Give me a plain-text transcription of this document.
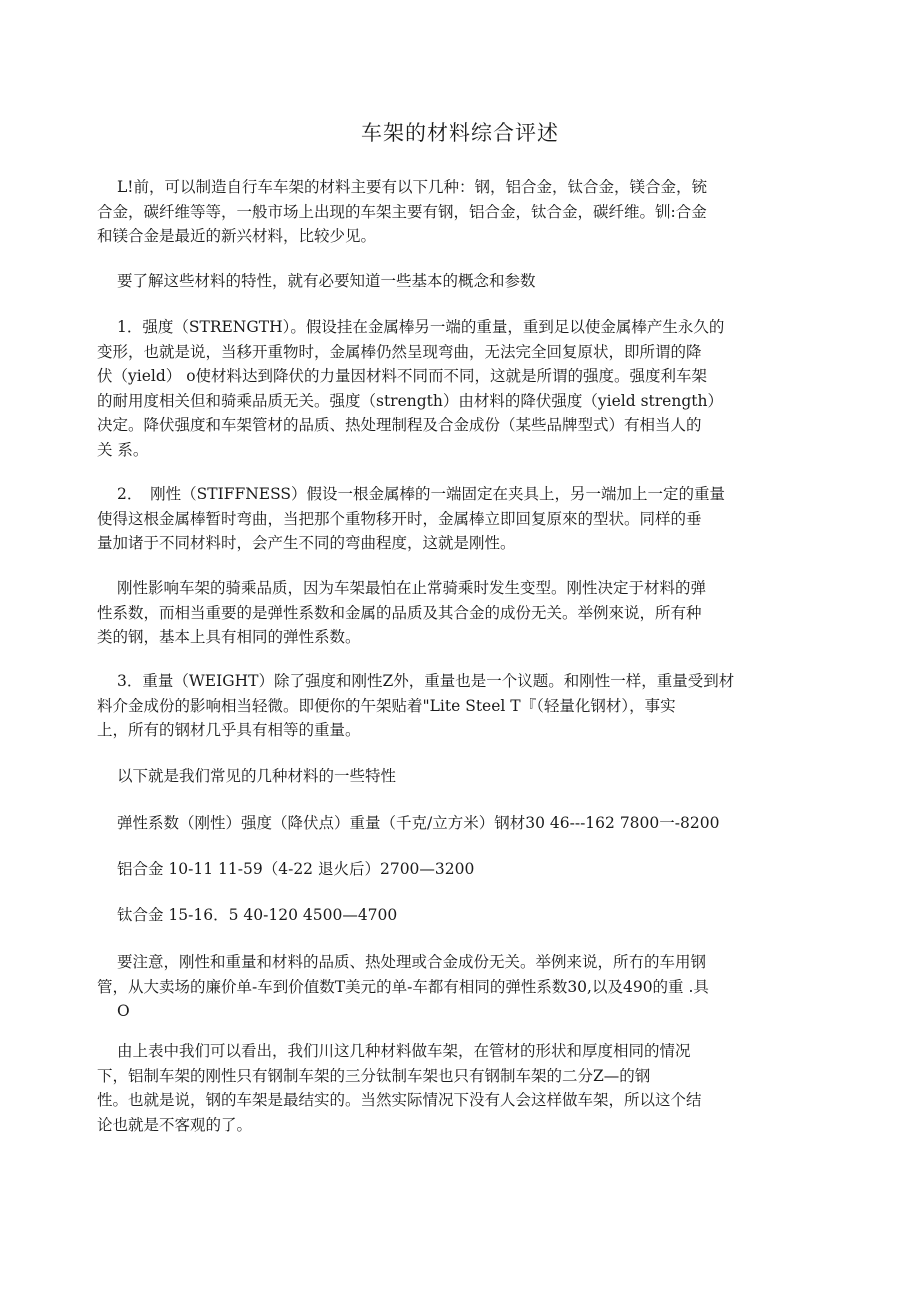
车架的材料综合评述
L!前，可以制造自行车车架的材料主要有以下几种：钢，铝合金，钛合金，镁合金，铳
合金，碳纤维等等，一般市场上出现的车架主要有钢，铝合金，钛合金，碳纤维。钏:合金
和镁合金是最近的新兴材料，比较少见。
要了解这些材料的特性，就有必要知道一些基本的概念和参数
1．强度（STRENGTH）。假设挂在金属棒另一端的重量，重到足以使金属棒产生永久的
变形，也就是说，当移开重物时，金属棒仍然呈现弯曲，无法完全回复原状，即所谓的降
伏（yield） o使材料达到降伏的力量因材料不同而不同，这就是所谓的强度。强度利车架
的耐用度相关但和骑乘品质无关。强度（strength）由材料的降伏强度（yield strength）
决定。降伏强度和车架管材的品质、热处理制程及合金成份（某些品牌型式）有相当人的
关 系。
2．　刚性（STIFFNESS）假设一根金属棒的一端固定在夹具上，另一端加上一定的重量
使得这根金属棒暂时弯曲，当把那个重物移开时，金属棒立即回复原來的型状。同样的垂
量加诸于不同材料时，会产生不同的弯曲程度，这就是刚性。
刚性影响车架的骑乘品质，因为车架最怕在止常骑乘时发生变型。刚性决定于材料的弹
性系数，而相当重要的是弹性系数和金属的品质及其合金的成份无关。举例來说，所有种
类的钢，基本上具有相同的弹性系数。
3．重量（WEIGHT）除了强度和刚性Z外，重量也是一个议题。和刚性一样，重量受到材
料介金成份的影响相当轻微。即便你的午架贴着"Lite Steel T『（轻量化钢材），事实
上，所有的钢材几乎具有相等的重量。
以下就是我们常见的几种材料的一些特性
弹性系数（刚性）强度（降伏点）重量（千克/立方米）钢材30 46---162 7800一-8200
铝合金 10-11 11-59（4-22 退火后）2700—3200
钛合金 15-16．5 40-120 4500—4700
要注意，刚性和重量和材料的品质、热处理或合金成份无关。举例来说，所冇的车用钢
管，从大卖场的廉价单-车到价值数T美元的单-车都有相同的弹性系数30,以及490的重 .具
O
由上表中我们可以看出，我们川这几种材料做车架，在管材的形状和厚度相同的情况
下，铝制车架的刚性只有钢制车架的三分钛制车架也只有钢制车架的二分Z—的钢
性。也就是说，钢的车架是最结实的。当然实际情况下没有人会这样做车架，所以这个结
论也就是不客观的了。
